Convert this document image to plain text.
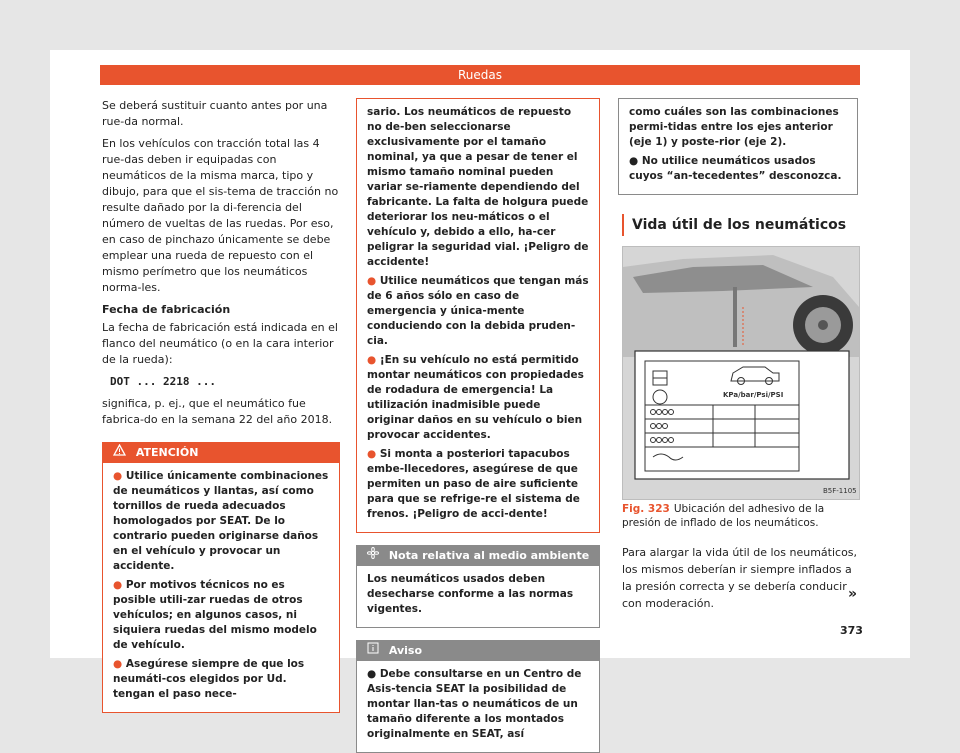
Ruedas

Se deberá sustituir cuanto antes por una rue-da normal.

En los vehículos con tracción total las 4 rue-das deben ir equipadas con neumáticos de la misma marca, tipo y dibujo, para que el sis-tema de tracción no resulte dañado por la di-ferencia del número de vueltas de las ruedas. Por eso, en caso de pinchazo únicamente se debe emplear una rueda de repuesto con el mismo perímetro que los neumáticos norma-les.

Fecha de fabricación

La fecha de fabricación está indicada en el flanco del neumático (o en la cara interior de la rueda):

DOT ... 2218 ...

significa, p. ej., que el neumático fue fabrica-do en la semana 22 del año 2018.

ATENCIÓN

● Utilice únicamente combinaciones de neumáticos y llantas, así como tornillos de rueda adecuados homologados por SEAT. De lo contrario pueden originarse daños en el vehículo y provocar un accidente.

● Por motivos técnicos no es posible utili-zar ruedas de otros vehículos; en algunos casos, ni siquiera ruedas del mismo modelo de vehículo.

● Asegúrese siempre de que los neumáti-cos elegidos por Ud. tengan el paso nece-

sario. Los neumáticos de repuesto no de-ben seleccionarse exclusivamente por el tamaño nominal, ya que a pesar de tener el mismo tamaño nominal pueden variar se-riamente dependiendo del fabricante. La falta de holgura puede deteriorar los neu-máticos o el vehículo y, debido a ello, ha-cer peligrar la seguridad vial. ¡Peligro de accidente!

● Utilice neumáticos que tengan más de 6 años sólo en caso de emergencia y única-mente conduciendo con la debida pruden-cia.

● ¡En su vehículo no está permitido montar neumáticos con propiedades de rodadura de emergencia! La utilización inadmisible puede originar daños en su vehículo o bien provocar accidentes.

● Si monta a posteriori tapacubos embe-llecedores, asegúrese de que permiten un paso de aire suficiente para que se refrige-re el sistema de frenos. ¡Peligro de acci-dente!

Nota relativa al medio ambiente

Los neumáticos usados deben desecharse conforme a las normas vigentes.

Aviso

● Debe consultarse en un Centro de Asis-tencia SEAT la posibilidad de montar llan-tas o neumáticos de un tamaño diferente a los montados originalmente en SEAT, así

como cuáles son las combinaciones permi-tidas entre los ejes anterior (eje 1) y poste-rior (eje 2).

● No utilice neumáticos usados cuyos “an-tecedentes” desconozca.

Vida útil de los neumáticos
KPa/bar/Psi/PSI
B5F-1105
Fig. 323 Ubicación del adhesivo de la presión de inflado de los neumáticos.
Para alargar la vida útil de los neumáticos, los mismos deberían ir siempre inflados a la presión correcta y se debería conducir con moderación.
»
373
